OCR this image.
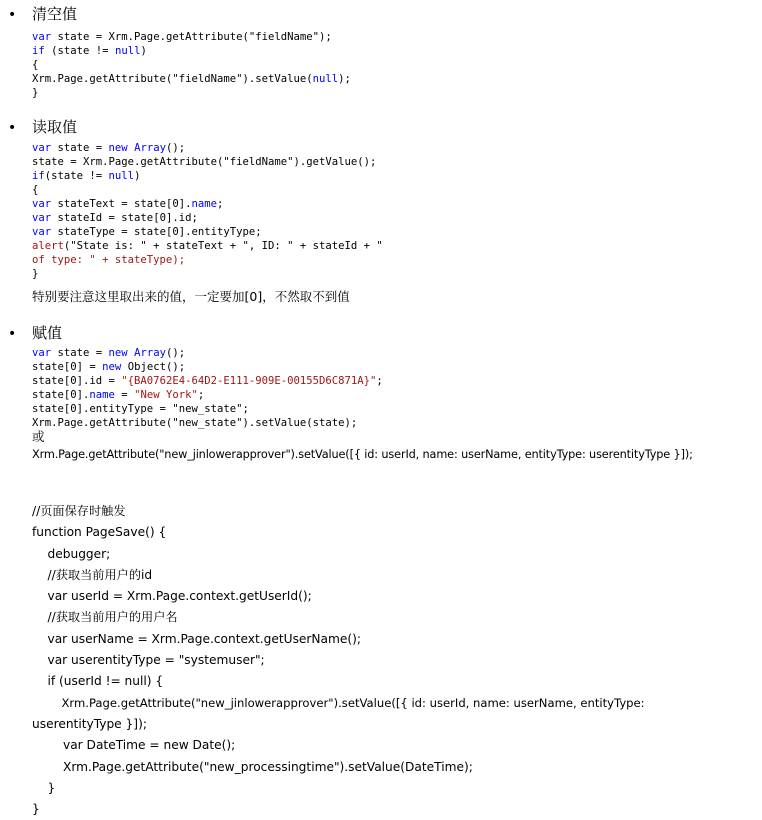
• 清空值
var state = Xrm.Page.getAttribute("fieldName");
if (state != null)
{
Xrm.Page.getAttribute("fieldName").setValue(null);
}
• 读取值
var state = new Array();
state = Xrm.Page.getAttribute("fieldName").getValue();
if(state != null)
{
var stateText = state[0].name;
var stateId = state[0].id;
var stateType = state[0].entityType;
alert("State is: " + stateText + ", ID: " + stateId + "
of type: " + stateType);
}
特别要注意这里取出来的值，一定要加[0]，不然取不到值
• 赋值
var state = new Array();
state[0] = new Object();
state[0].id = "{BA0762E4-64D2-E111-909E-00155D6C871A}";
state[0].name = "New York";
state[0].entityType = "new_state";
Xrm.Page.getAttribute("new_state").setValue(state);
或
Xrm.Page.getAttribute("new_jinlowerapprover").setValue([{ id: userId, name: userName, entityType: userentityType }]);
//页面保存时触发
function PageSave() {
debugger;
//获取当前用户的id
var userId = Xrm.Page.context.getUserId();
//获取当前用户的用户名
var userName = Xrm.Page.context.getUserName();
var userentityType = "systemuser";
if (userId != null) {
Xrm.Page.getAttribute("new_jinlowerapprover").setValue([{ id: userId, name: userName, entityType:
userentityType }]);
var DateTime = new Date();
Xrm.Page.getAttribute("new_processingtime").setValue(DateTime);
}
}
